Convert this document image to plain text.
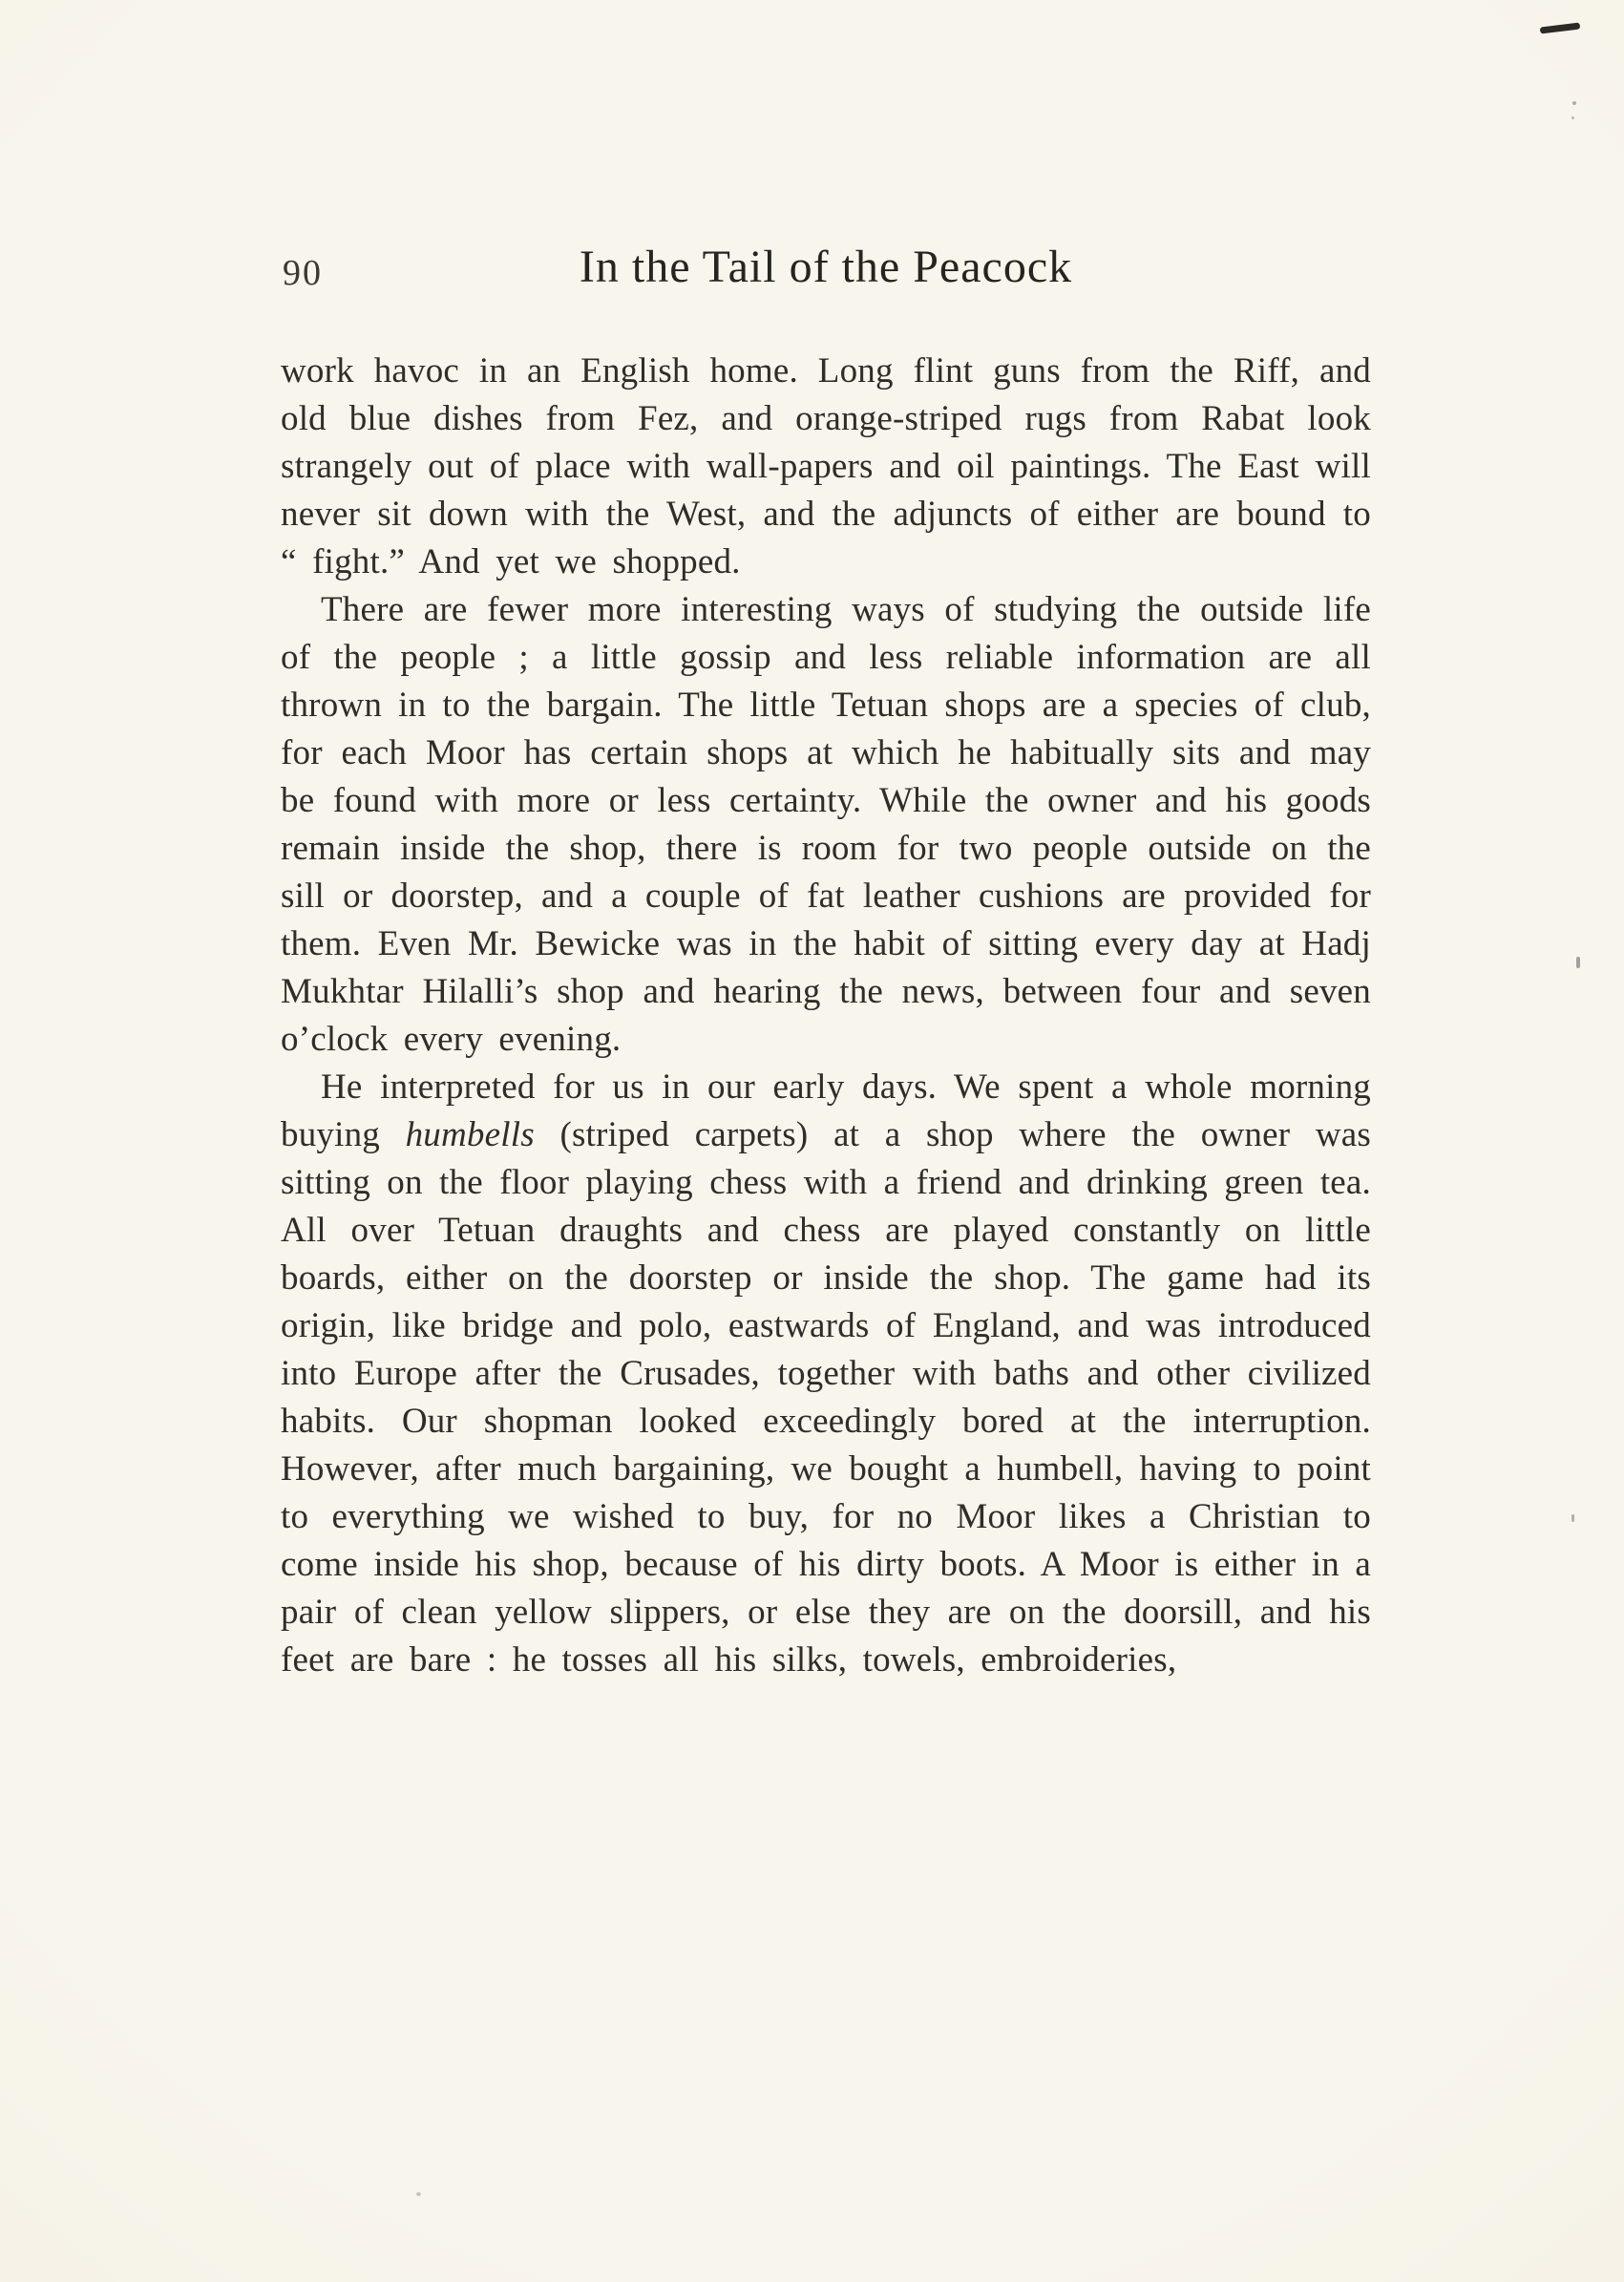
90	In the Tail of the Peacock

work havoc in an English home. Long flint guns from the Riff, and old blue dishes from Fez, and orange-striped rugs from Rabat look strangely out of place with wall-papers and oil paintings. The East will never sit down with the West, and the adjuncts of either are bound to “ fight.” And yet we shopped.

There are fewer more interesting ways of studying the outside life of the people ; a little gossip and less reliable information are all thrown in to the bargain. The little Tetuan shops are a species of club, for each Moor has certain shops at which he habitually sits and may be found with more or less certainty. While the owner and his goods remain inside the shop, there is room for two people outside on the sill or doorstep, and a couple of fat leather cushions are provided for them. Even Mr. Bewicke was in the habit of sitting every day at Hadj Mukhtar Hilalli’s shop and hearing the news, between four and seven o’clock every evening.

He interpreted for us in our early days. We spent a whole morning buying humbells (striped carpets) at a shop where the owner was sitting on the floor playing chess with a friend and drinking green tea. All over Tetuan draughts and chess are played constantly on little boards, either on the doorstep or inside the shop. The game had its origin, like bridge and polo, eastwards of England, and was introduced into Europe after the Crusades, together with baths and other civilized habits. Our shopman looked exceedingly bored at the interruption. However, after much bargaining, we bought a humbell, having to point to everything we wished to buy, for no Moor likes a Christian to come inside his shop, because of his dirty boots. A Moor is either in a pair of clean yellow slippers, or else they are on the doorsill, and his feet are bare : he tosses all his silks, towels, embroideries,
